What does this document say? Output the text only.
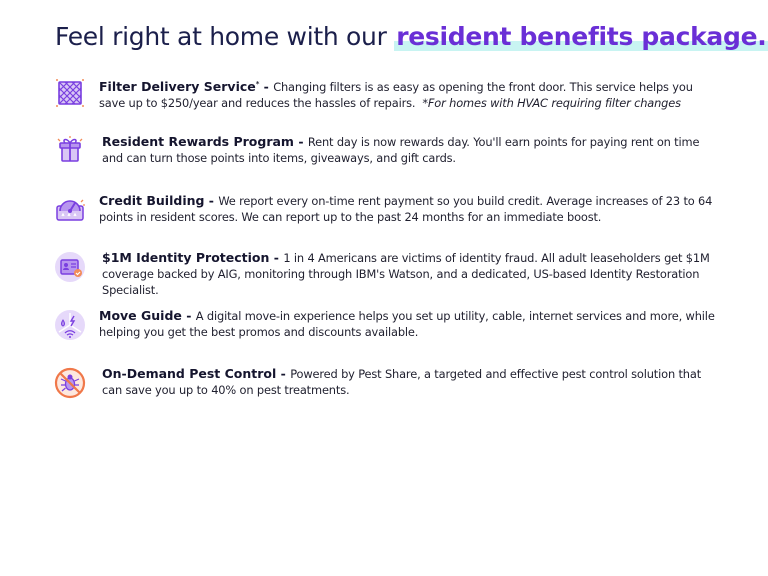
Feel right at home with our resident benefits package.
Filter Delivery Service* - Changing filters is as easy as opening the front door. This service helps you save up to $250/year and reduces the hassles of repairs. *For homes with HVAC requiring filter changes
Resident Rewards Program - Rent day is now rewards day. You'll earn points for paying rent on time and can turn those points into items, giveaways, and gift cards.
Credit Building - We report every on-time rent payment so you build credit. Average increases of 23 to 64 points in resident scores. We can report up to the past 24 months for an immediate boost.
$1M Identity Protection - 1 in 4 Americans are victims of identity fraud. All adult leaseholders get $1M coverage backed by AIG, monitoring through IBM's Watson, and a dedicated, US-based Identity Restoration Specialist.
Move Guide - A digital move-in experience helps you set up utility, cable, internet services and more, while helping you get the best promos and discounts available.
On-Demand Pest Control - Powered by Pest Share, a targeted and effective pest control solution that can save you up to 40% on pest treatments.
